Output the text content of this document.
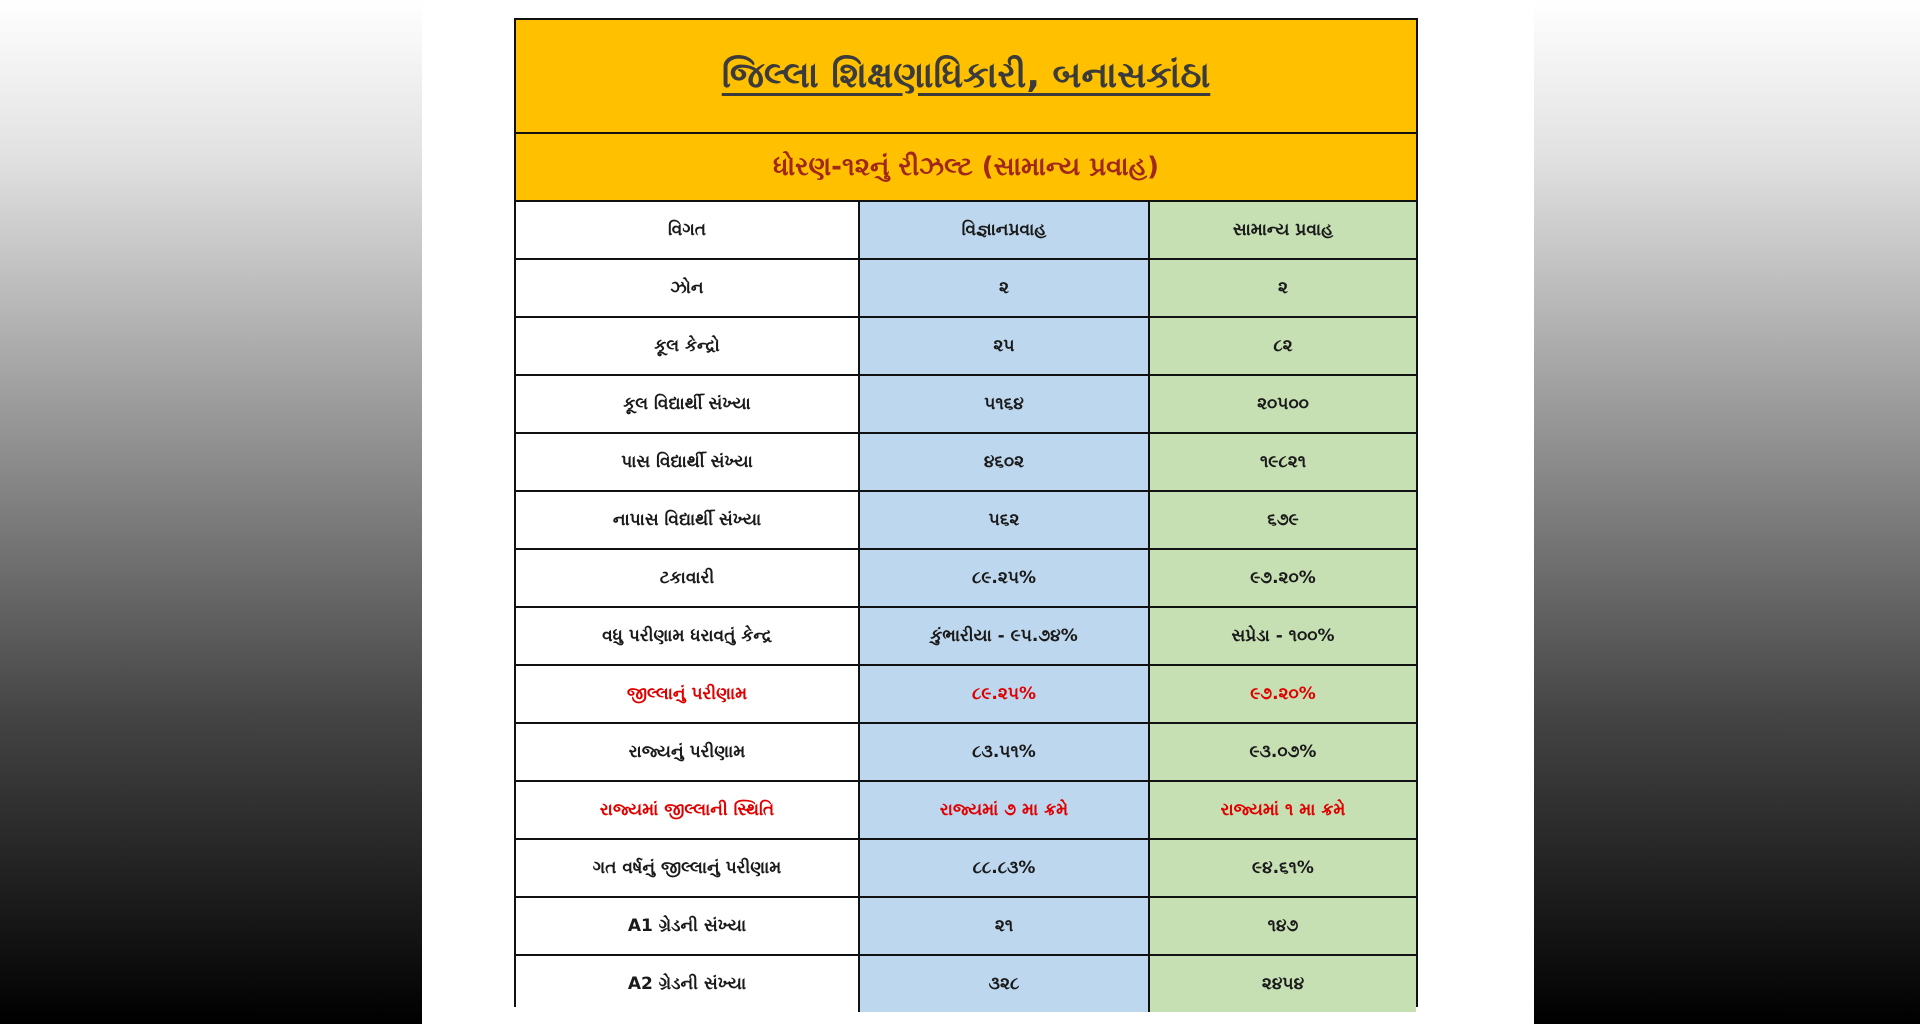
જિલ્લા શિક્ષણાધિકારી, બનાસકાંઠા
ધોરણ-૧૨નું રીઝલ્ટ (સામાન્ય પ્રવાહ)
વિગત	વિજ્ઞાનપ્રવાહ	સામાન્ય પ્રવાહ
ઝોન	૨	૨
કૂલ કેન્દ્રો	૨૫	૮૨
કૂલ વિદ્યાર્થી સંખ્યા	૫૧૬૪	૨૦૫૦૦
પાસ વિદ્યાર્થી સંખ્યા	૪૬૦૨	૧૯૮૨૧
નાપાસ વિદ્યાર્થી સંખ્યા	૫૬૨	૬૭૯
ટકાવારી	૮૯.૨૫%	૯૭.૨૦%
વધુ પરીણામ ધરાવતું કેન્દ્ર	કુંભારીયા - ૯૫.૭૪%	સપ્રેડા - ૧૦૦%
જીલ્લાનું પરીણામ	૮૯.૨૫%	૯૭.૨૦%
રાજ્યનું પરીણામ	૮૩.૫૧%	૯૩.૦૭%
રાજ્યમાં જીલ્લાની સ્થિતિ	રાજ્યમાં ૭ મા ક્રમે	રાજ્યમાં ૧ મા ક્રમે
ગત વર્ષનું જીલ્લાનું પરીણામ	૮૮.૮૩%	૯૪.૬૧%
A1 ગ્રેડની સંખ્યા	૨૧	૧૪૭
A2 ગ્રેડની સંખ્યા	૩૨૮	૨૪૫૪
